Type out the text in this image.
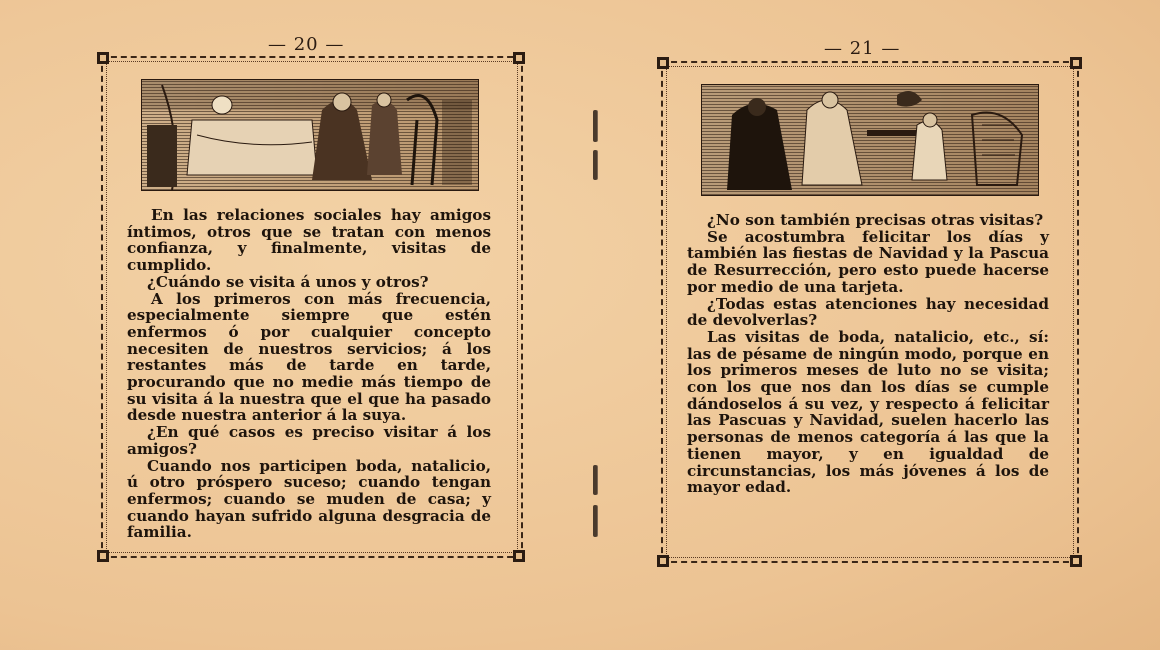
— 20 —

En las relaciones sociales hay amigos íntimos, otros que se tratan con menos confianza, y finalmente, visitas de cumplido.

¿Cuándo se visita á unos y otros?

A los primeros con más frecuencia, especialmente siempre que estén enfermos ó por cualquier concepto necesiten de nuestros servicios; á los restantes más de tarde en tarde, procurando que no medie más tiempo de su visita á la nuestra que el que ha pasado desde nuestra anterior á la suya.

¿En qué casos es preciso visitar á los amigos?

Cuando nos participen boda, natalicio, ú otro próspero suceso; cuando tengan enfermos; cuando se muden de casa; y cuando hayan sufrido alguna desgracia de familia.

— 21 —

¿No son también precisas otras visitas?

Se acostumbra felicitar los días y también las fiestas de Navidad y la Pascua de Resurrección, pero esto puede hacerse por medio de una tarjeta.

¿Todas estas atenciones hay necesidad de devolverlas?

Las visitas de boda, natalicio, etc., sí: las de pésame de ningún modo, porque en los primeros meses de luto no se visita; con los que nos dan los días se cumple dándoselos á su vez, y respecto á felicitar las Pascuas y Navidad, suelen hacerlo las personas de menos categoría á las que la tienen mayor, y en igualdad de circunstancias, los más jóvenes á los de mayor edad.
